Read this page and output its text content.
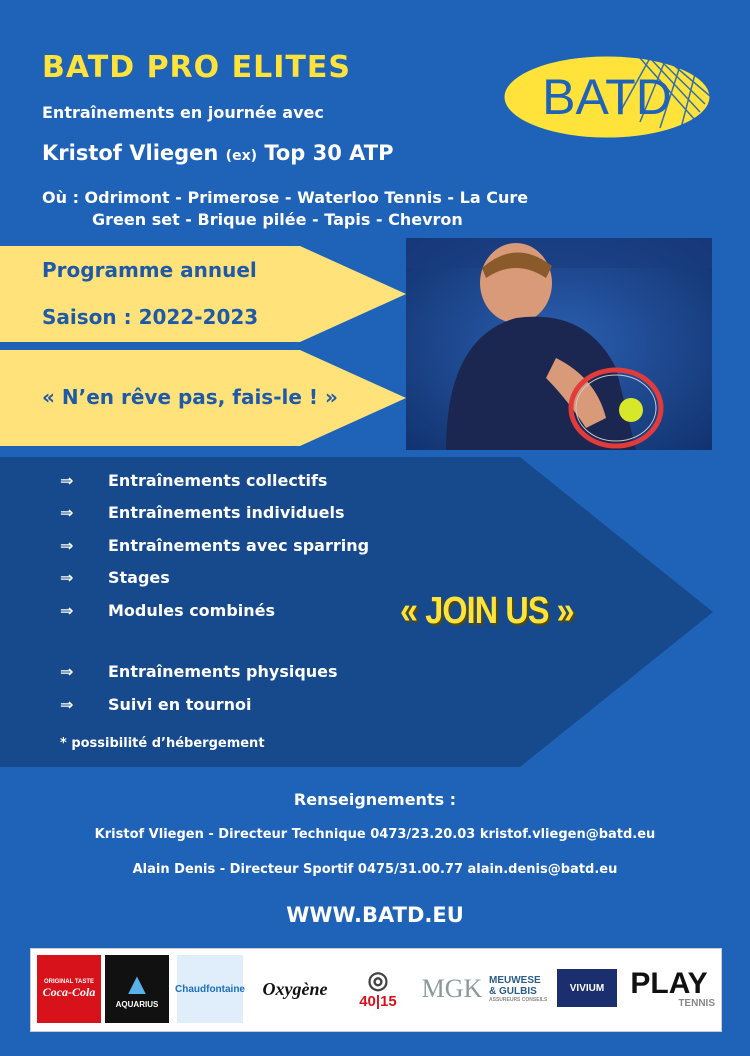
BATD PRO ELITES
Entraînements en journée avec
Kristof Vliegen (ex) Top 30 ATP
Où : Odrimont - Primerose - Waterloo Tennis - La Cure
Green set - Brique pilée - Tapis - Chevron
BATD
Programme annuel
Saison : 2022-2023
« N’en rêve pas, fais-le ! »
⇒	Entraînements collectifs
⇒	Entraînements individuels
⇒	Entraînements avec sparring
⇒	Stages
⇒	Modules combinés
⇒	Entraînements physiques
⇒	Suivi en tournoi
* possibilité d’hébergement
« JOIN US »
Renseignements :
Kristof Vliegen - Directeur Technique 0473/23.20.03 kristof.vliegen@batd.eu
Alain Denis - Directeur Sportif 0475/31.00.77 alain.denis@batd.eu
WWW.BATD.EU
ORIGINAL TASTE
Coca-Cola ▲
AQUARIUS
Chaudfontaine Oxygène	◎
40|15 MGK MEUWESE
& GULBIS
ASSUREURS CONSEILS
VIVIUM PLAY
TENNIS
